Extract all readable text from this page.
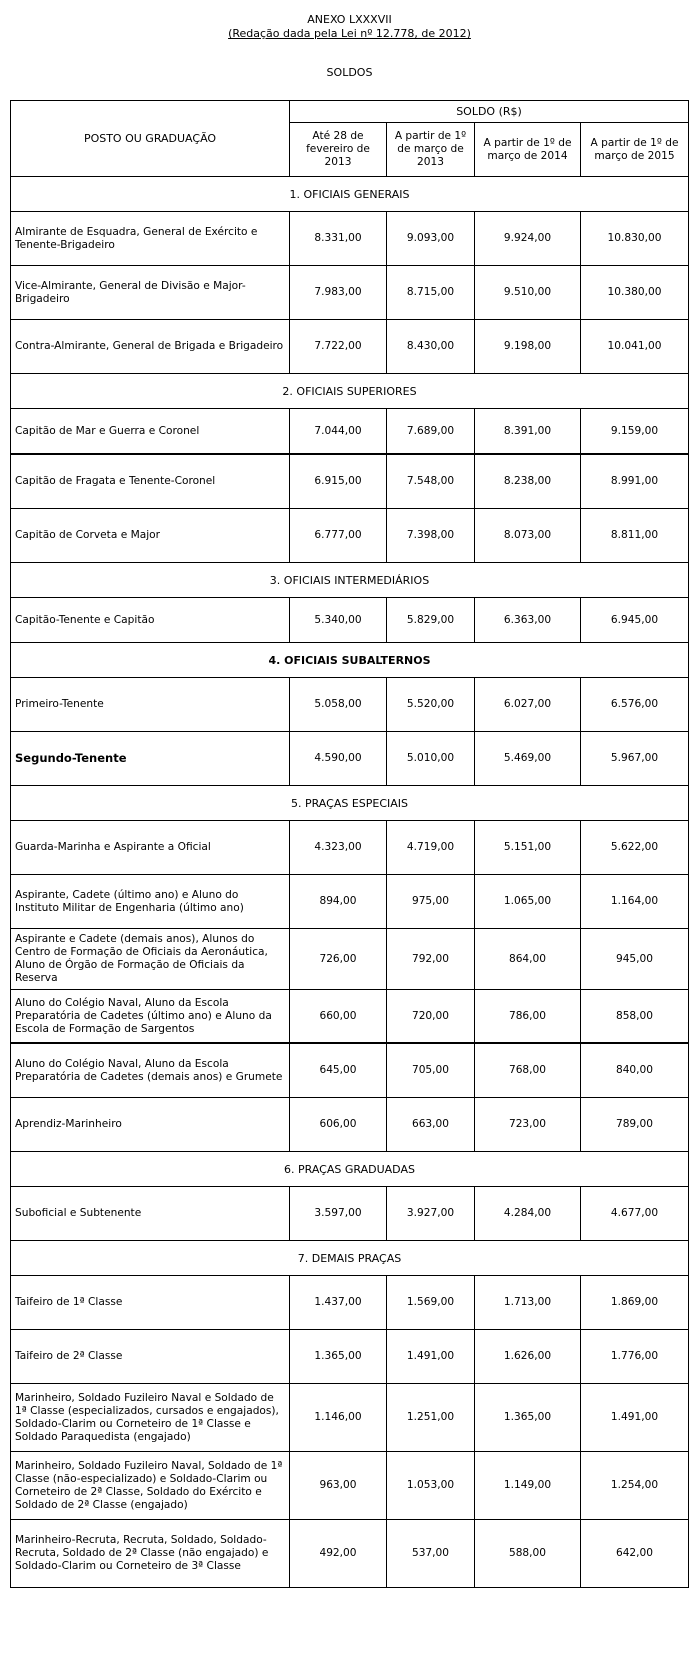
ANEXO LXXXVII
(Redação dada pela Lei nº 12.778, de 2012)
SOLDOS
POSTO OU GRADUAÇÃO	SOLDO (R$)			
	Até 28 de fevereiro de 2013	A partir de 1º de março de 2013	A partir de 1º de março de 2014	A partir de 1º de março de 2015
1. OFICIAIS GENERAIS				
Almirante de Esquadra, General de Exército e Tenente-Brigadeiro	8.331,00	9.093,00	9.924,00	10.830,00
Vice-Almirante, General de Divisão e Major-Brigadeiro	7.983,00	8.715,00	9.510,00	10.380,00
Contra-Almirante, General de Brigada e Brigadeiro	7.722,00	8.430,00	9.198,00	10.041,00
2. OFICIAIS SUPERIORES				
Capitão de Mar e Guerra e Coronel	7.044,00	7.689,00	8.391,00	9.159,00
Capitão de Fragata e Tenente-Coronel	6.915,00	7.548,00	8.238,00	8.991,00
Capitão de Corveta e Major	6.777,00	7.398,00	8.073,00	8.811,00
3. OFICIAIS INTERMEDIÁRIOS				
Capitão-Tenente e Capitão	5.340,00	5.829,00	6.363,00	6.945,00
4. OFICIAIS SUBALTERNOS				
Primeiro-Tenente	5.058,00	5.520,00	6.027,00	6.576,00
Segundo-Tenente	4.590,00	5.010,00	5.469,00	5.967,00
5. PRAÇAS ESPECIAIS				
Guarda-Marinha e Aspirante a Oficial	4.323,00	4.719,00	5.151,00	5.622,00
Aspirante, Cadete (último ano) e Aluno do Instituto Militar de Engenharia (último ano)	894,00	975,00	1.065,00	1.164,00
Aspirante e Cadete (demais anos), Alunos do Centro de Formação de Oficiais da Aeronáutica, Aluno de Órgão de Formação de Oficiais da Reserva	726,00	792,00	864,00	945,00
Aluno do Colégio Naval, Aluno da Escola Preparatória de Cadetes (último ano) e Aluno da Escola de Formação de Sargentos	660,00	720,00	786,00	858,00
Aluno do Colégio Naval, Aluno da Escola Preparatória de Cadetes (demais anos) e Grumete	645,00	705,00	768,00	840,00
Aprendiz-Marinheiro	606,00	663,00	723,00	789,00
6. PRAÇAS GRADUADAS				
Suboficial e Subtenente	3.597,00	3.927,00	4.284,00	4.677,00
7. DEMAIS PRAÇAS				
Taifeiro de 1ª Classe	1.437,00	1.569,00	1.713,00	1.869,00
Taifeiro de 2ª Classe	1.365,00	1.491,00	1.626,00	1.776,00
Marinheiro, Soldado Fuzileiro Naval e Soldado de 1ª Classe (especializados, cursados e engajados), Soldado-Clarim ou Corneteiro de 1ª Classe e Soldado Paraquedista (engajado)	1.146,00	1.251,00	1.365,00	1.491,00
Marinheiro, Soldado Fuzileiro Naval, Soldado de 1ª Classe (não-especializado) e Soldado-Clarim ou Corneteiro de 2ª Classe, Soldado do Exército e Soldado de 2ª Classe (engajado)	963,00	1.053,00	1.149,00	1.254,00
Marinheiro-Recruta, Recruta, Soldado, Soldado-Recruta, Soldado de 2ª Classe (não engajado) e Soldado-Clarim ou Corneteiro de 3ª Classe	492,00	537,00	588,00	642,00
